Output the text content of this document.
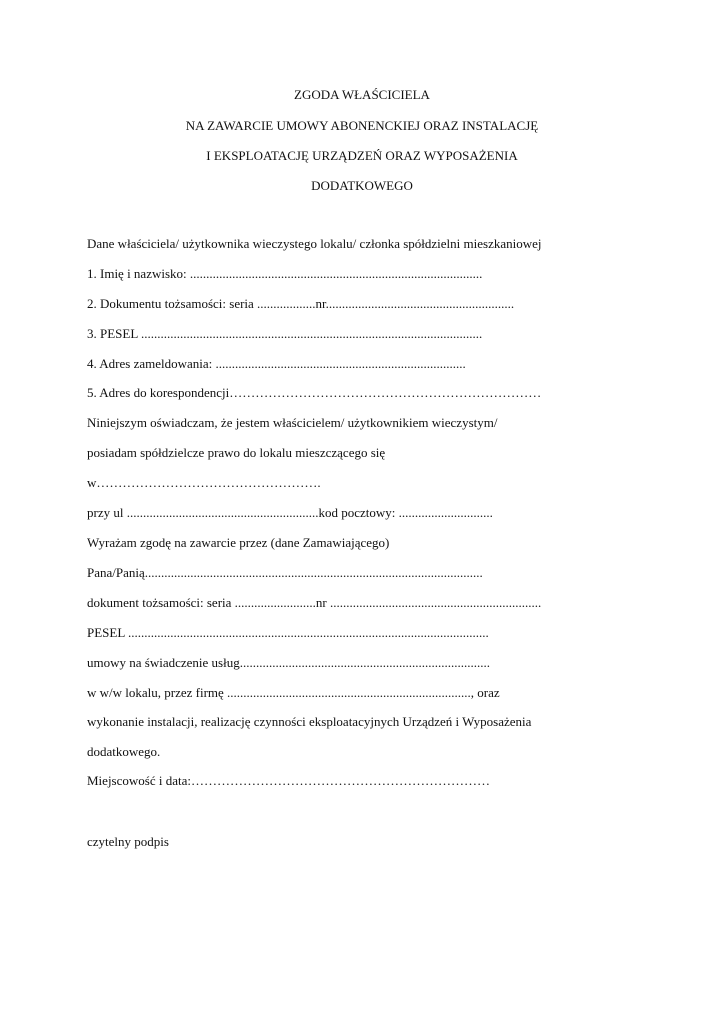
ZGODA WŁAŚCICIELA
NA ZAWARCIE UMOWY ABONENCKIEJ ORAZ INSTALACJĘ
I EKSPLOATACJĘ URZĄDZEŃ ORAZ WYPOSAŻENIA
DODATKOWEGO
Dane właściciela/ użytkownika wieczystego lokalu/ członka spółdzielni mieszkaniowej
1. Imię i nazwisko: ..........................................................................................
2. Dokumentu tożsamości: seria ..................nr..........................................................
3. PESEL .........................................................................................................
4. Adres zameldowania: .............................................................................
5. Adres do korespondencji………………………………………………………………
Niniejszym oświadczam, że jestem właścicielem/ użytkownikiem wieczystym/
posiadam spółdzielcze prawo do lokalu mieszczącego się
w…………………………………………….
przy ul ...........................................................kod pocztowy: .............................
Wyrażam zgodę na zawarcie przez (dane Zamawiającego)
Pana/Panią........................................................................................................
dokument tożsamości: seria .........................nr .................................................................
PESEL ...............................................................................................................
umowy na świadczenie usług.............................................................................
w w/w lokalu, przez firmę ..........................................................................., oraz
wykonanie instalacji, realizację czynności eksploatacyjnych Urządzeń i Wyposażenia
dodatkowego.
Miejscowość i data:……………………………………………………………
czytelny podpis
